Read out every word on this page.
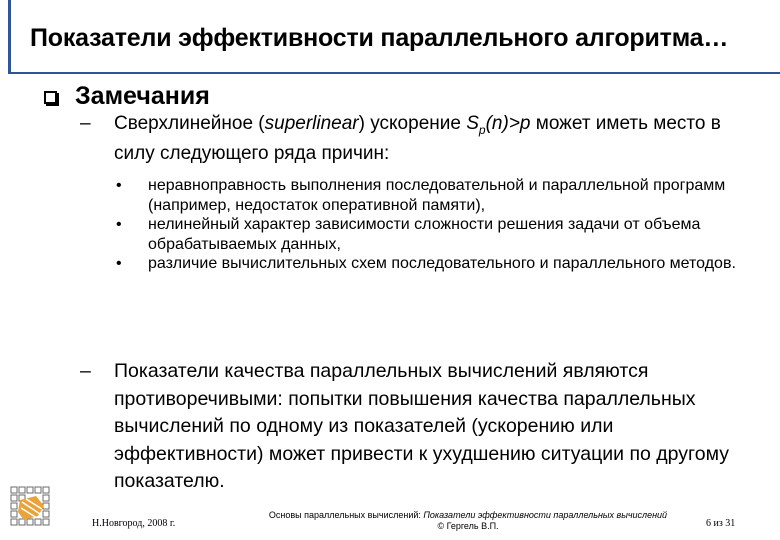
Показатели эффективности параллельного алгоритма…
Замечания
– Сверхлинейное (superlinear) ускорение $S_p(n)>p$ может иметь место в силу следующего ряда причин:
• неравноправность выполнения последовательной и параллельной программ (например, недостаток оперативной памяти),
• нелинейный характер зависимости сложности решения задачи от объема обрабатываемых данных,
• различие вычислительных схем последовательного и параллельного методов.
– Показатели качества параллельных вычислений являются противоречивыми: попытки повышения качества параллельных вычислений по одному из показателей (ускорению или эффективности) может привести к ухудшению ситуации по другому показателю.
Н.Новгород, 2008 г.
Основы параллельных вычислений: Показатели эффективности параллельных вычислений
© Гергель В.П.	6 из 31
